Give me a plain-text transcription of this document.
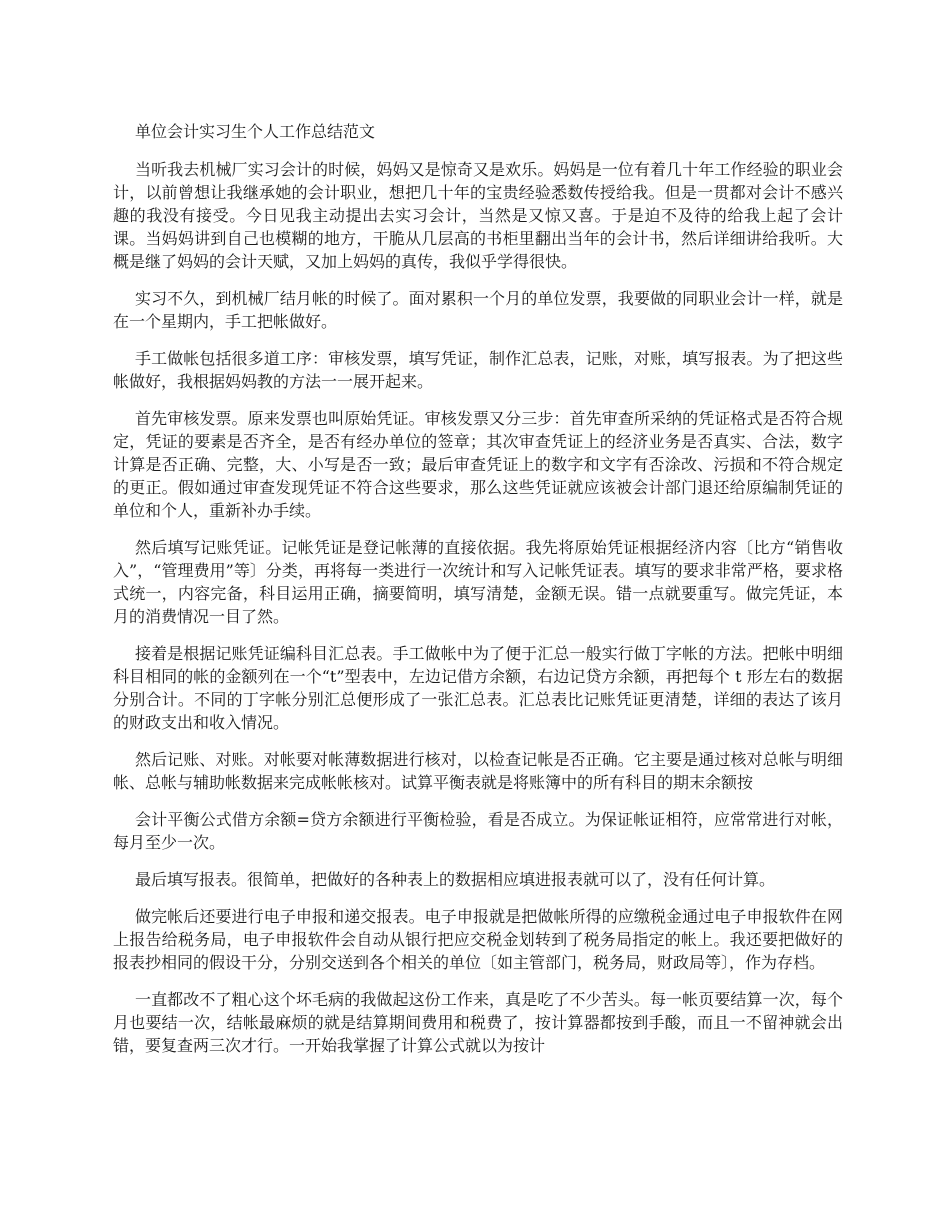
单位会计实习生个人工作总结范文

当听我去机械厂实习会计的时候，妈妈又是惊奇又是欢乐。妈妈是一位有着几十年工作经验的职业会计，以前曾想让我继承她的会计职业，想把几十年的宝贵经验悉数传授给我。但是一贯都对会计不感兴趣的我没有接受。今日见我主动提出去实习会计，当然是又惊又喜。于是迫不及待的给我上起了会计课。当妈妈讲到自己也模糊的地方，干脆从几层高的书柜里翻出当年的会计书，然后详细讲给我听。大概是继了妈妈的会计天赋，又加上妈妈的真传，我似乎学得很快。

实习不久，到机械厂结月帐的时候了。面对累积一个月的单位发票，我要做的同职业会计一样，就是在一个星期内，手工把帐做好。

手工做帐包括很多道工序：审核发票，填写凭证，制作汇总表，记账，对账，填写报表。为了把这些帐做好，我根据妈妈教的方法一一展开起来。

首先审核发票。原来发票也叫原始凭证。审核发票又分三步：首先审查所采纳的凭证格式是否符合规定，凭证的要素是否齐全，是否有经办单位的签章；其次审查凭证上的经济业务是否真实、合法，数字计算是否正确、完整，大、小写是否一致；最后审查凭证上的数字和文字有否涂改、污损和不符合规定的更正。假如通过审查发现凭证不符合这些要求，那么这些凭证就应该被会计部门退还给原编制凭证的单位和个人，重新补办手续。

然后填写记账凭证。记帐凭证是登记帐薄的直接依据。我先将原始凭证根据经济内容〔比方“销售收入”，“管理费用”等〕分类，再将每一类进行一次统计和写入记帐凭证表。填写的要求非常严格，要求格式统一，内容完备，科目运用正确，摘要简明，填写清楚，金额无误。错一点就要重写。做完凭证，本月的消费情况一目了然。

接着是根据记账凭证编科目汇总表。手工做帐中为了便于汇总一般实行做丁字帐的方法。把帐中明细科目相同的帐的金额列在一个“t”型表中，左边记借方余额，右边记贷方余额，再把每个 t 形左右的数据分别合计。不同的丁字帐分别汇总便形成了一张汇总表。汇总表比记账凭证更清楚，详细的表达了该月的财政支出和收入情况。

然后记账、对账。对帐要对帐薄数据进行核对，以检查记帐是否正确。它主要是通过核对总帐与明细帐、总帐与辅助帐数据来完成帐帐核对。试算平衡表就是将账簿中的所有科目的期末余额按

会计平衡公式借方余额=贷方余额进行平衡检验，看是否成立。为保证帐证相符，应常常进行对帐，每月至少一次。

最后填写报表。很简单，把做好的各种表上的数据相应填进报表就可以了，没有任何计算。

做完帐后还要进行电子申报和递交报表。电子申报就是把做帐所得的应缴税金通过电子申报软件在网上报告给税务局，电子申报软件会自动从银行把应交税金划转到了税务局指定的帐上。我还要把做好的报表抄相同的假设干分，分别交送到各个相关的单位〔如主管部门，税务局，财政局等〕，作为存档。

一直都改不了粗心这个坏毛病的我做起这份工作来，真是吃了不少苦头。每一帐页要结算一次，每个月也要结一次，结帐最麻烦的就是结算期间费用和税费了，按计算器都按到手酸，而且一不留神就会出错，要复查两三次才行。一开始我掌握了计算公式就以为按计
